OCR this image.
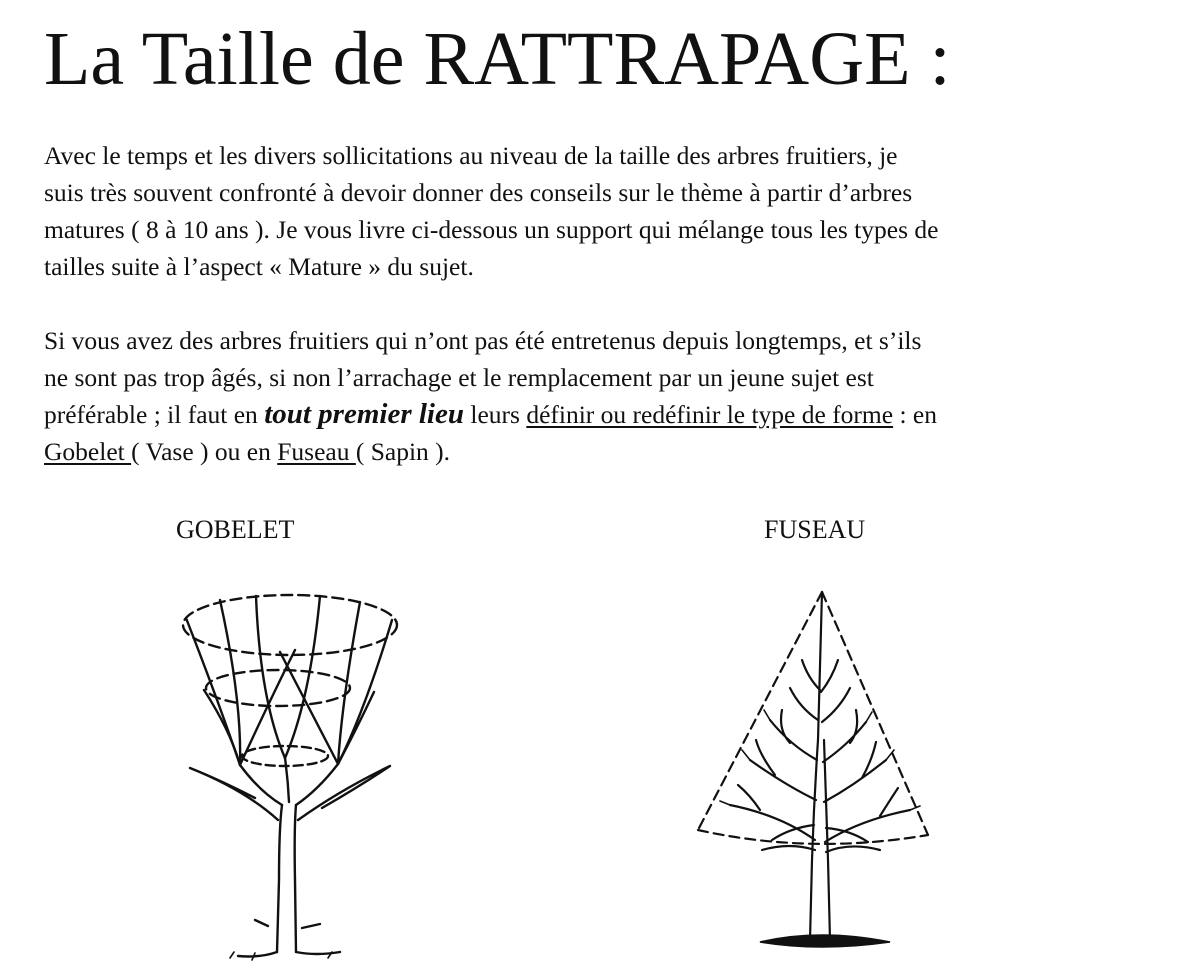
La Taille de RATTRAPAGE :

Avec le temps et les divers sollicitations au niveau de la taille des arbres fruitiers, je
suis très souvent confronté à devoir donner des conseils sur le thème à partir d’arbres
matures ( 8 à 10 ans ). Je vous livre ci-dessous un support qui mélange tous les types de
tailles suite à l’aspect « Mature » du sujet.

Si vous avez des arbres fruitiers qui n’ont pas été entretenus depuis longtemps, et s’ils
ne sont pas trop âgés, si non l’arrachage et le remplacement par un jeune sujet est
préférable ; il faut en tout premier lieu leurs définir ou redéfinir le type de forme : en
Gobelet ( Vase ) ou en Fuseau ( Sapin ).

GOBELET	FUSEAU
